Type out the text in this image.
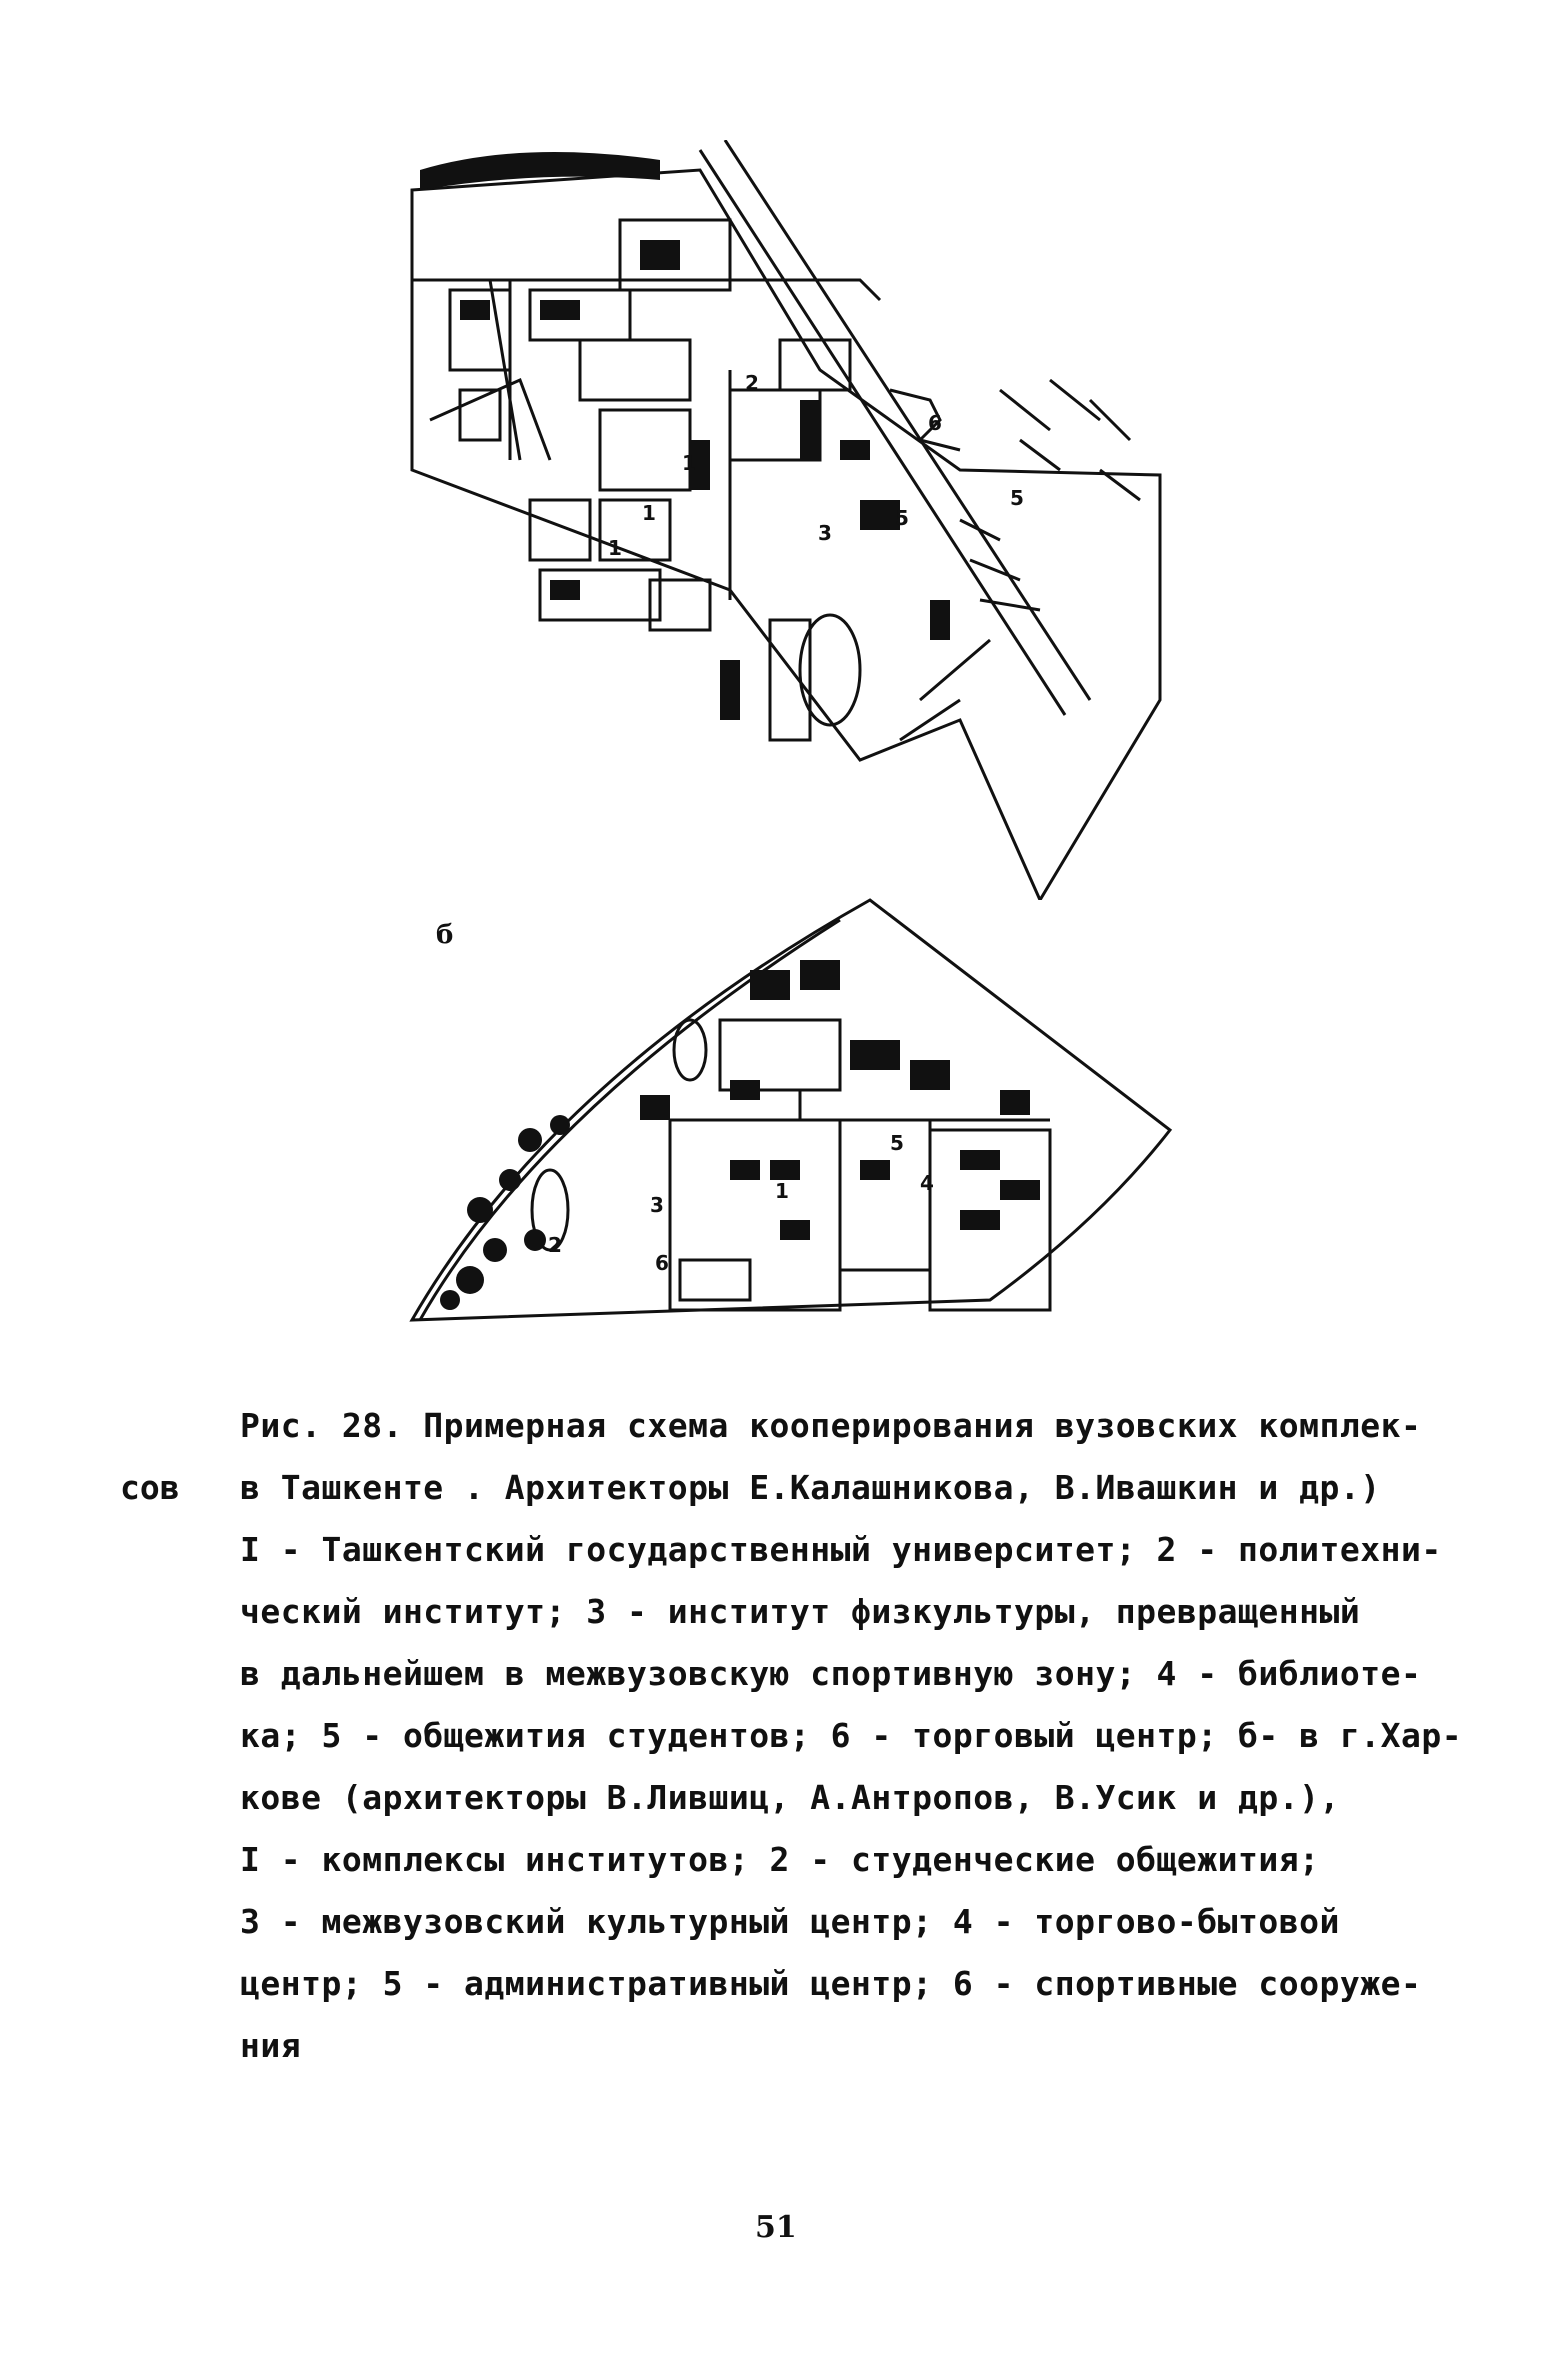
2
1
1
1
3
5
5
6
б
1
2
3
4
5
6
сов
Рис. 28. Примерная схема кооперирования вузовских комплек-
в Ташкенте . Архитекторы Е.Калашникова, В.Ивашкин и др.)
I - Ташкентский государственный университет; 2 - политехни-
ческий институт; 3 - институт физкультуры, превращенный
в дальнейшем в межвузовскую спортивную зону; 4 - библиоте-
ка; 5 - общежития студентов; 6 - торговый центр; б- в г.Хар-
кове (архитекторы В.Лившиц, А.Антропов, В.Усик и др.),
I - комплексы институтов; 2 - студенческие общежития;
3 - межвузовский культурный центр; 4 - торгово-бытовой
центр; 5 - административный центр; 6 - спортивные сооруже-
ния
51
